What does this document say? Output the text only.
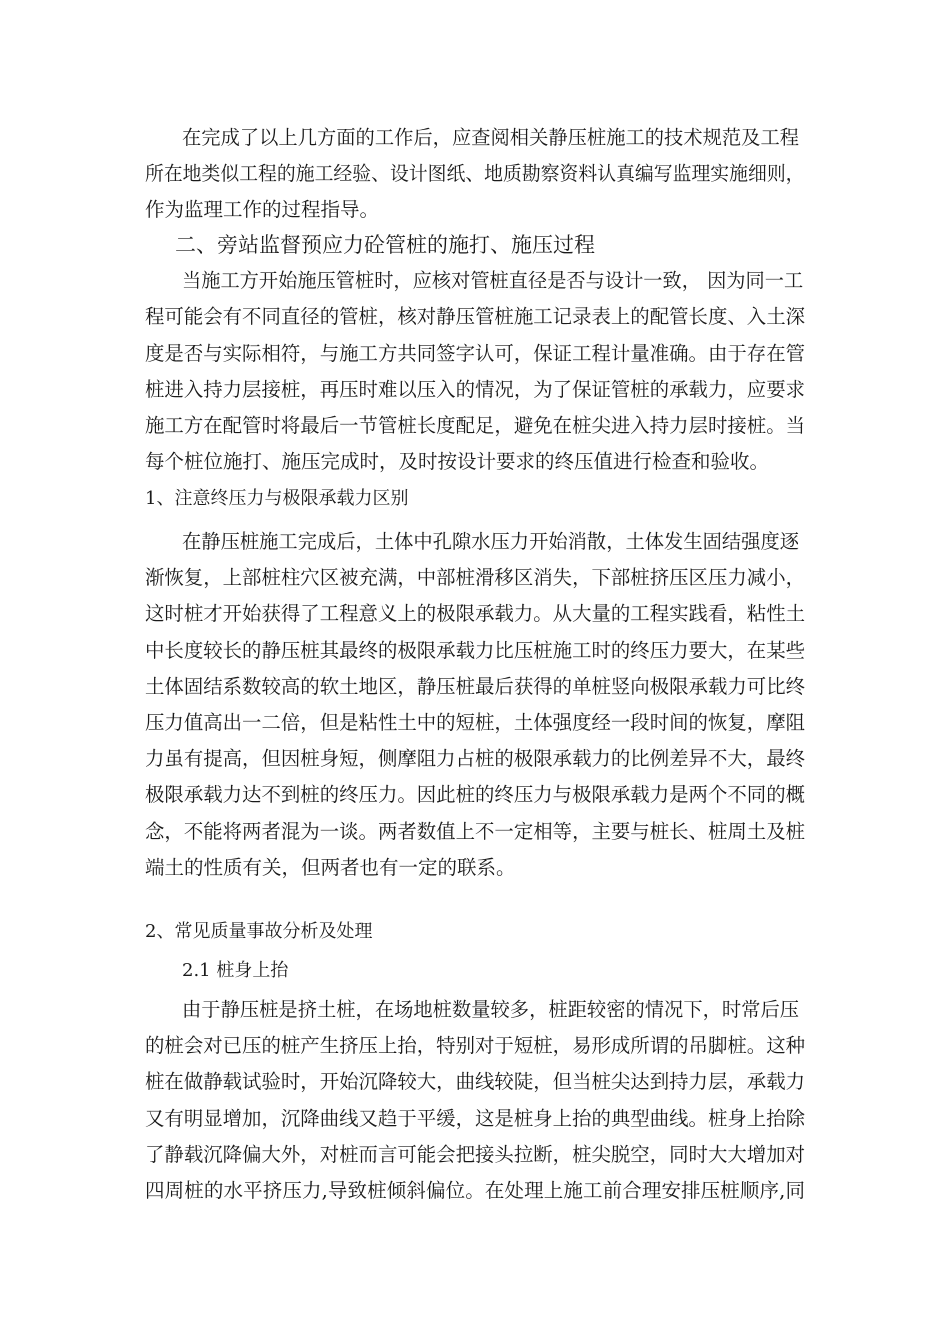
在完成了以上几方面的工作后，应查阅相关静压桩施工的技术规范及工程
所在地类似工程的施工经验、设计图纸、地质勘察资料认真编写监理实施细则，
作为监理工作的过程指导。
二、旁站监督预应力砼管桩的施打、施压过程
当施工方开始施压管桩时，应核对管桩直径是否与设计一致， 因为同一工
程可能会有不同直径的管桩，核对静压管桩施工记录表上的配管长度、入土深
度是否与实际相符，与施工方共同签字认可，保证工程计量准确。由于存在管
桩进入持力层接桩，再压时难以压入的情况，为了保证管桩的承载力，应要求
施工方在配管时将最后一节管桩长度配足，避免在桩尖进入持力层时接桩。当
每个桩位施打、施压完成时，及时按设计要求的终压值进行检查和验收。
1、注意终压力与极限承载力区别
在静压桩施工完成后，土体中孔隙水压力开始消散，土体发生固结强度逐
渐恢复，上部桩柱穴区被充满，中部桩滑移区消失，下部桩挤压区压力减小，
这时桩才开始获得了工程意义上的极限承载力。从大量的工程实践看，粘性土
中长度较长的静压桩其最终的极限承载力比压桩施工时的终压力要大，在某些
土体固结系数较高的软土地区，静压桩最后获得的单桩竖向极限承载力可比终
压力值高出一二倍，但是粘性土中的短桩，土体强度经一段时间的恢复，摩阻
力虽有提高，但因桩身短，侧摩阻力占桩的极限承载力的比例差异不大，最终
极限承载力达不到桩的终压力。因此桩的终压力与极限承载力是两个不同的概
念，不能将两者混为一谈。两者数值上不一定相等，主要与桩长、桩周土及桩
端土的性质有关，但两者也有一定的联系。
2、常见质量事故分析及处理
2.1 桩身上抬
由于静压桩是挤土桩，在场地桩数量较多，桩距较密的情况下，时常后压
的桩会对已压的桩产生挤压上抬，特别对于短桩，易形成所谓的吊脚桩。这种
桩在做静载试验时，开始沉降较大，曲线较陡，但当桩尖达到持力层，承载力
又有明显增加，沉降曲线又趋于平缓，这是桩身上抬的典型曲线。桩身上抬除
了静载沉降偏大外，对桩而言可能会把接头拉断，桩尖脱空，同时大大增加对
四周桩的水平挤压力,导致桩倾斜偏位。在处理上施工前合理安排压桩顺序,同
